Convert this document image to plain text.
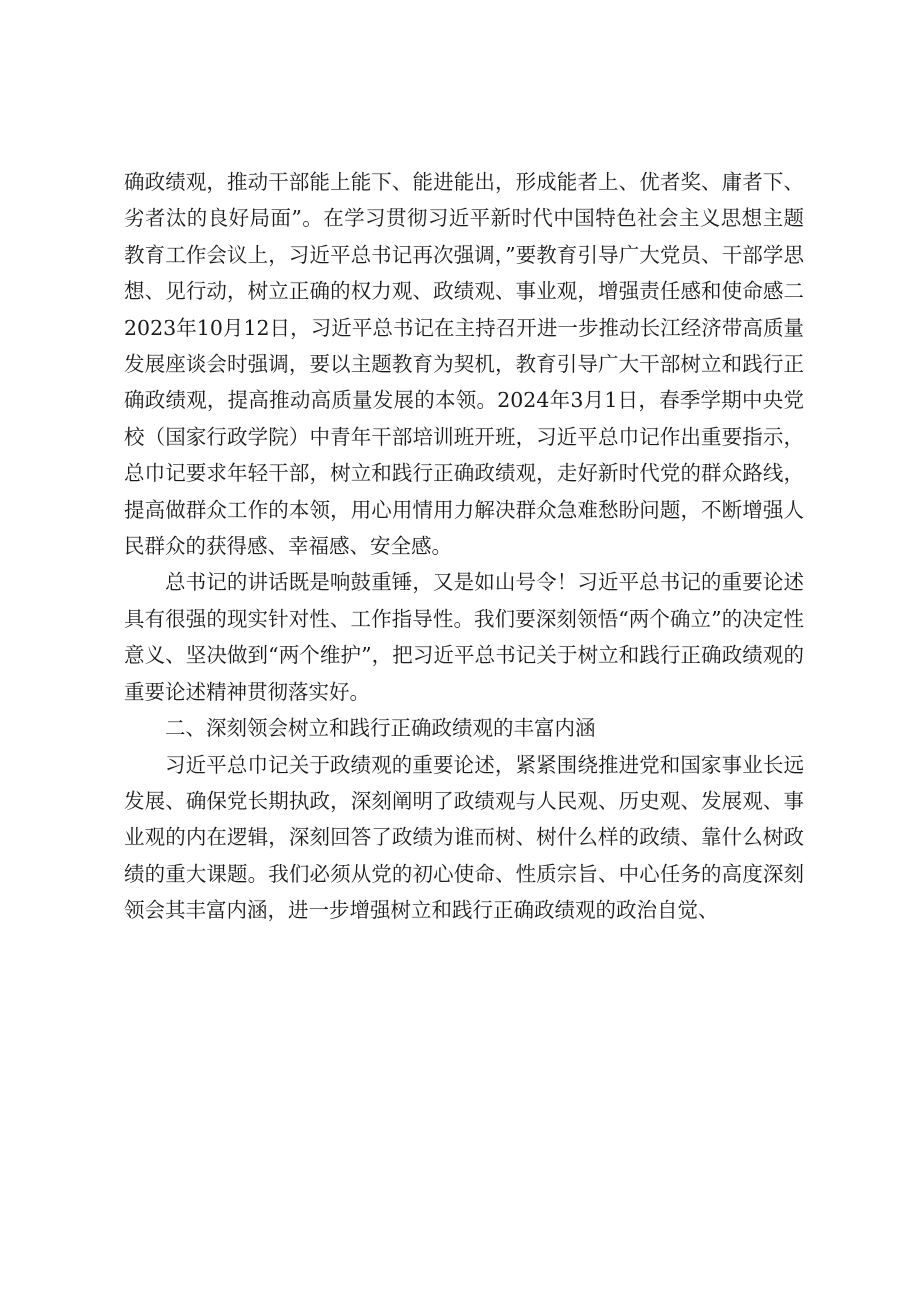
确政绩观，推动干部能上能下、能进能出，形成能者上、优者奖、庸者下、劣者汰的良好局面”。在学习贯彻习近平新时代中国特色社会主义思想主题教育工作会议上，习近平总书记再次强调，”要教育引导广大党员、干部学思想、见行动，树立正确的权力观、政绩观、事业观，增强责任感和使命感二2023年10月12日，习近平总书记在主持召开进一步推动长江经济带高质量发展座谈会时强调，要以主题教育为契机，教育引导广大干部树立和践行正确政绩观，提高推动高质量发展的本领。2024年3月1日，春季学期中央党校（国家行政学院）中青年干部培训班开班，习近平总巾记作出重要指示，总巾记要求年轻干部，树立和践行正确政绩观，走好新时代党的群众路线，提高做群众工作的本领，用心用情用力解决群众急难愁盼问题，不断增强人民群众的获得感、幸福感、安全感。

总书记的讲话既是响鼓重锤，又是如山号令！习近平总书记的重要论述具有很强的现实针对性、工作指导性。我们要深刻领悟“两个确立”的决定性意义、坚决做到“两个维护”，把习近平总书记关于树立和践行正确政绩观的重要论述精神贯彻落实好。

二、深刻领会树立和践行正确政绩观的丰富内涵

习近平总巾记关于政绩观的重要论述，紧紧围绕推进党和国家事业长远发展、确保党长期执政，深刻阐明了政绩观与人民观、历史观、发展观、事业观的内在逻辑，深刻回答了政绩为谁而树、树什么样的政绩、靠什么树政绩的重大课题。我们必须从党的初心使命、性质宗旨、中心任务的高度深刻领会其丰富内涵，进一步增强树立和践行正确政绩观的政治自觉、
